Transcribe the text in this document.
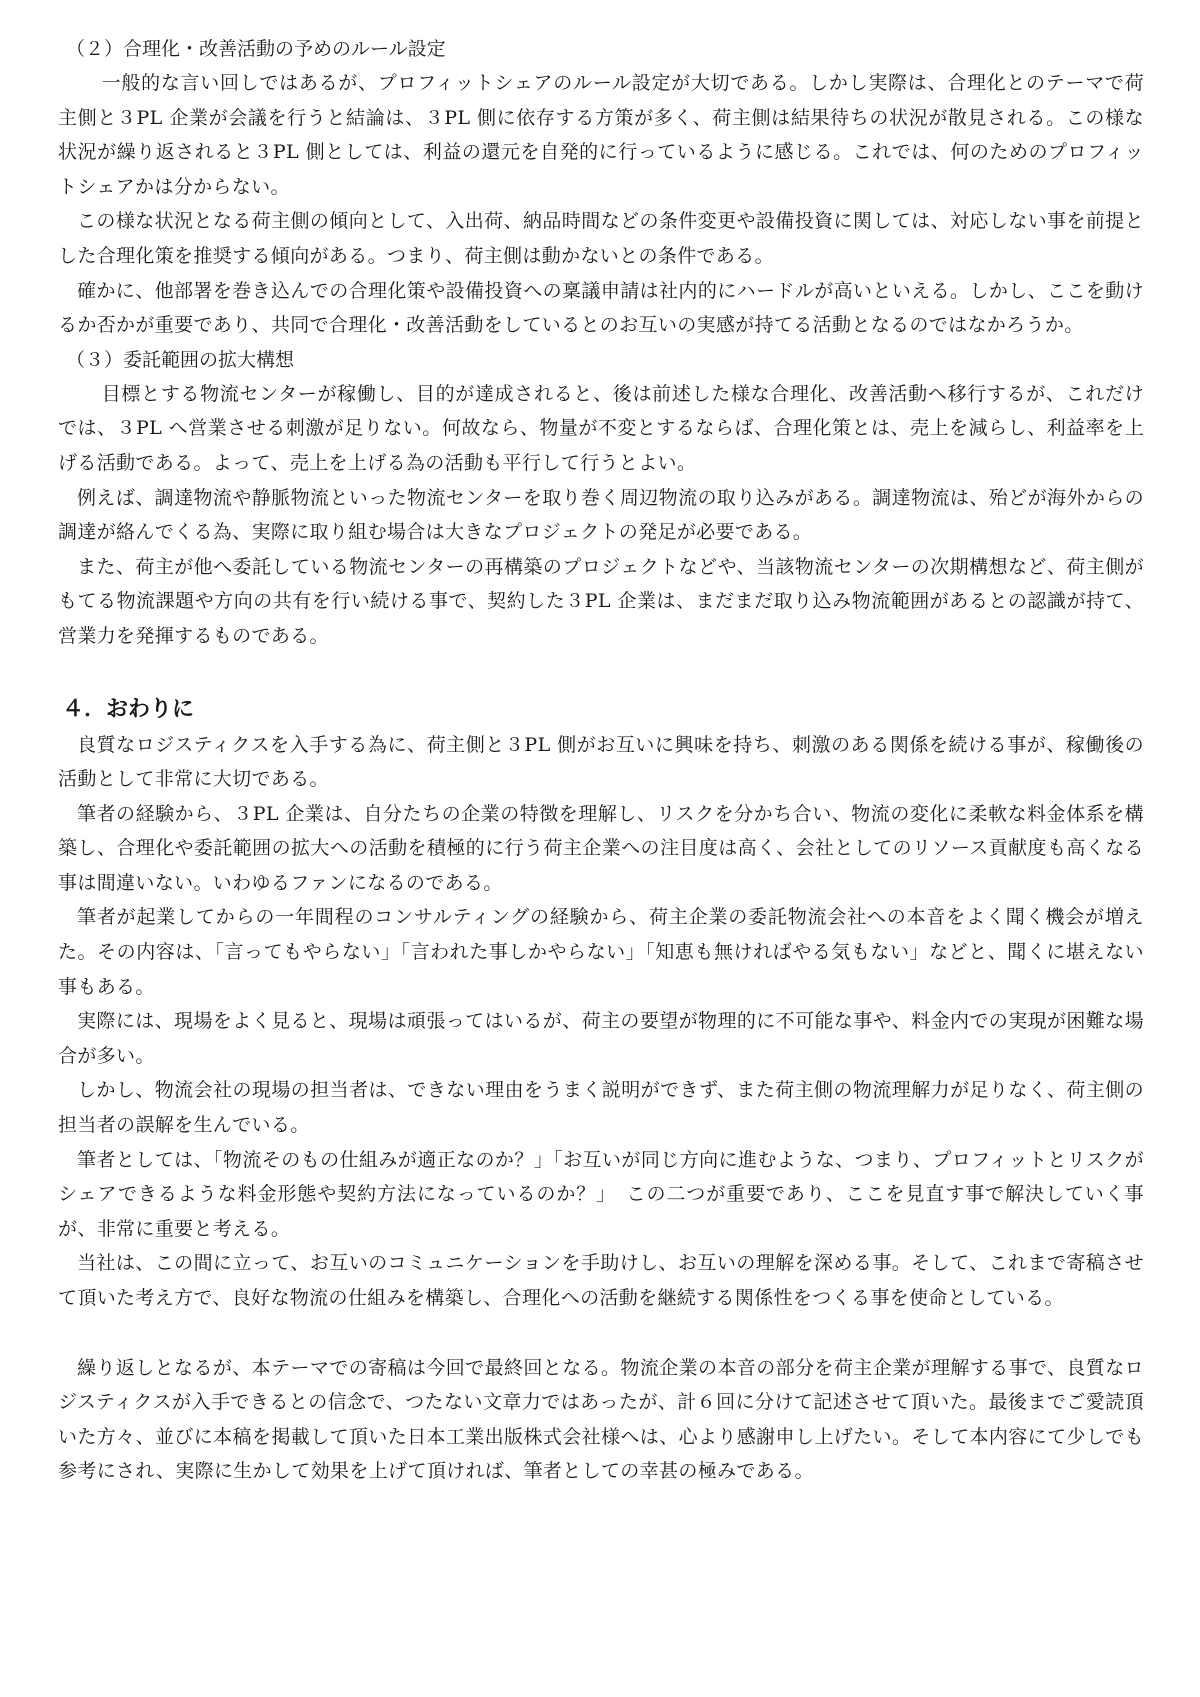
（２）合理化・改善活動の予めのルール設定

一般的な言い回しではあるが、プロフィットシェアのルール設定が大切である。しかし実際は、合理化とのテーマで荷主側と３PL 企業が会議を行うと結論は、３PL 側に依存する方策が多く、荷主側は結果待ちの状況が散見される。この様な状況が繰り返されると３PL 側としては、利益の還元を自発的に行っているように感じる。これでは、何のためのプロフィットシェアかは分からない。

この様な状況となる荷主側の傾向として、入出荷、納品時間などの条件変更や設備投資に関しては、対応しない事を前提とした合理化策を推奨する傾向がある。つまり、荷主側は動かないとの条件である。

確かに、他部署を巻き込んでの合理化策や設備投資への稟議申請は社内的にハードルが高いといえる。しかし、ここを動けるか否かが重要であり、共同で合理化・改善活動をしているとのお互いの実感が持てる活動となるのではなかろうか。

（３）委託範囲の拡大構想

目標とする物流センターが稼働し、目的が達成されると、後は前述した様な合理化、改善活動へ移行するが、これだけでは、３PL へ営業させる刺激が足りない。何故なら、物量が不変とするならば、合理化策とは、売上を減らし、利益率を上げる活動である。よって、売上を上げる為の活動も平行して行うとよい。

例えば、調達物流や静脈物流といった物流センターを取り巻く周辺物流の取り込みがある。調達物流は、殆どが海外からの調達が絡んでくる為、実際に取り組む場合は大きなプロジェクトの発足が必要である。

また、荷主が他へ委託している物流センターの再構築のプロジェクトなどや、当該物流センターの次期構想など、荷主側がもてる物流課題や方向の共有を行い続ける事で、契約した３PL 企業は、まだまだ取り込み物流範囲があるとの認識が持て、営業力を発揮するものである。

４．おわりに

良質なロジスティクスを入手する為に、荷主側と３PL 側がお互いに興味を持ち、刺激のある関係を続ける事が、稼働後の活動として非常に大切である。

筆者の経験から、３PL 企業は、自分たちの企業の特徴を理解し、リスクを分かち合い、物流の変化に柔軟な料金体系を構築し、合理化や委託範囲の拡大への活動を積極的に行う荷主企業への注目度は高く、会社としてのリソース貢献度も高くなる事は間違いない。いわゆるファンになるのである。

筆者が起業してからの一年間程のコンサルティングの経験から、荷主企業の委託物流会社への本音をよく聞く機会が増えた。その内容は、「言ってもやらない」「言われた事しかやらない」「知恵も無ければやる気もない」などと、聞くに堪えない事もある。

実際には、現場をよく見ると、現場は頑張ってはいるが、荷主の要望が物理的に不可能な事や、料金内での実現が困難な場合が多い。

しかし、物流会社の現場の担当者は、できない理由をうまく説明ができず、また荷主側の物流理解力が足りなく、荷主側の担当者の誤解を生んでいる。

筆者としては、「物流そのもの仕組みが適正なのか？」「お互いが同じ方向に進むような、つまり、プロフィットとリスクがシェアできるような料金形態や契約方法になっているのか？」　この二つが重要であり、ここを見直す事で解決していく事が、非常に重要と考える。

当社は、この間に立って、お互いのコミュニケーションを手助けし、お互いの理解を深める事。そして、これまで寄稿させて頂いた考え方で、良好な物流の仕組みを構築し、合理化への活動を継続する関係性をつくる事を使命としている。

繰り返しとなるが、本テーマでの寄稿は今回で最終回となる。物流企業の本音の部分を荷主企業が理解する事で、良質なロジスティクスが入手できるとの信念で、つたない文章力ではあったが、計６回に分けて記述させて頂いた。最後までご愛読頂いた方々、並びに本稿を掲載して頂いた日本工業出版株式会社様へは、心より感謝申し上げたい。そして本内容にて少しでも参考にされ、実際に生かして効果を上げて頂ければ、筆者としての幸甚の極みである。
